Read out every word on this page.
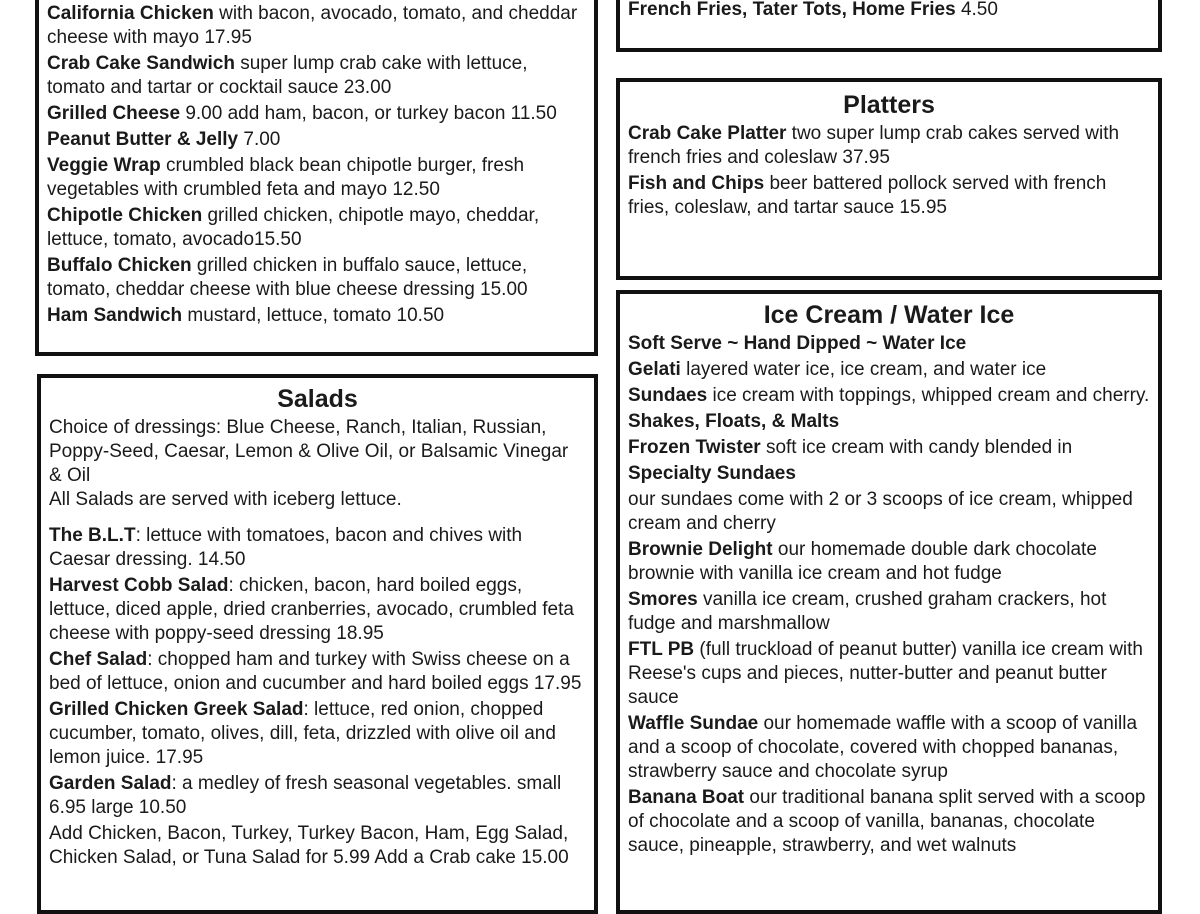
California Chicken with bacon, avocado, tomato, and cheddar cheese with mayo 17.95
Crab Cake Sandwich super lump crab cake with lettuce, tomato and tartar or cocktail sauce 23.00
Grilled Cheese 9.00 add ham, bacon, or turkey bacon 11.50
Peanut Butter & Jelly 7.00
Veggie Wrap crumbled black bean chipotle burger, fresh vegetables with crumbled feta and mayo 12.50
Chipotle Chicken grilled chicken, chipotle mayo, cheddar, lettuce, tomato, avocado15.50
Buffalo Chicken grilled chicken in buffalo sauce, lettuce, tomato, cheddar cheese with blue cheese dressing 15.00
Ham Sandwich mustard, lettuce, tomato 10.50
French Fries, Tater Tots, Home Fries 4.50
Platters
Crab Cake Platter two super lump crab cakes served with french fries and coleslaw 37.95
Fish and Chips beer battered pollock served with french fries, coleslaw, and tartar sauce 15.95
Salads
Choice of dressings: Blue Cheese, Ranch, Italian, Russian, Poppy-Seed, Caesar, Lemon & Olive Oil, or Balsamic Vinegar & Oil
All Salads are served with iceberg lettuce.
The B.L.T: lettuce with tomatoes, bacon and chives with Caesar dressing. 14.50
Harvest Cobb Salad: chicken, bacon, hard boiled eggs, lettuce, diced apple, dried cranberries, avocado, crumbled feta cheese with poppy-seed dressing 18.95
Chef Salad: chopped ham and turkey with Swiss cheese on a bed of lettuce, onion and cucumber and hard boiled eggs 17.95
Grilled Chicken Greek Salad: lettuce, red onion, chopped cucumber, tomato, olives, dill, feta, drizzled with olive oil and lemon juice. 17.95
Garden Salad: a medley of fresh seasonal vegetables. small 6.95 large 10.50
Add Chicken, Bacon, Turkey, Turkey Bacon, Ham, Egg Salad, Chicken Salad, or Tuna Salad for 5.99 Add a Crab cake 15.00
Ice Cream / Water Ice
Soft Serve ~ Hand Dipped ~ Water Ice
Gelati layered water ice, ice cream, and water ice
Sundaes ice cream with toppings, whipped cream and cherry.
Shakes, Floats, & Malts
Frozen Twister soft ice cream with candy blended in
Specialty Sundaes
our sundaes come with 2 or 3 scoops of ice cream, whipped cream and cherry
Brownie Delight our homemade double dark chocolate brownie with vanilla ice cream and hot fudge
Smores vanilla ice cream, crushed graham crackers, hot fudge and marshmallow
FTL PB (full truckload of peanut butter) vanilla ice cream with Reese's cups and pieces, nutter-butter and peanut butter sauce
Waffle Sundae our homemade waffle with a scoop of vanilla and a scoop of chocolate, covered with chopped bananas, strawberry sauce and chocolate syrup
Banana Boat our traditional banana split served with a scoop of chocolate and a scoop of vanilla, bananas, chocolate sauce, pineapple, strawberry, and wet walnuts
